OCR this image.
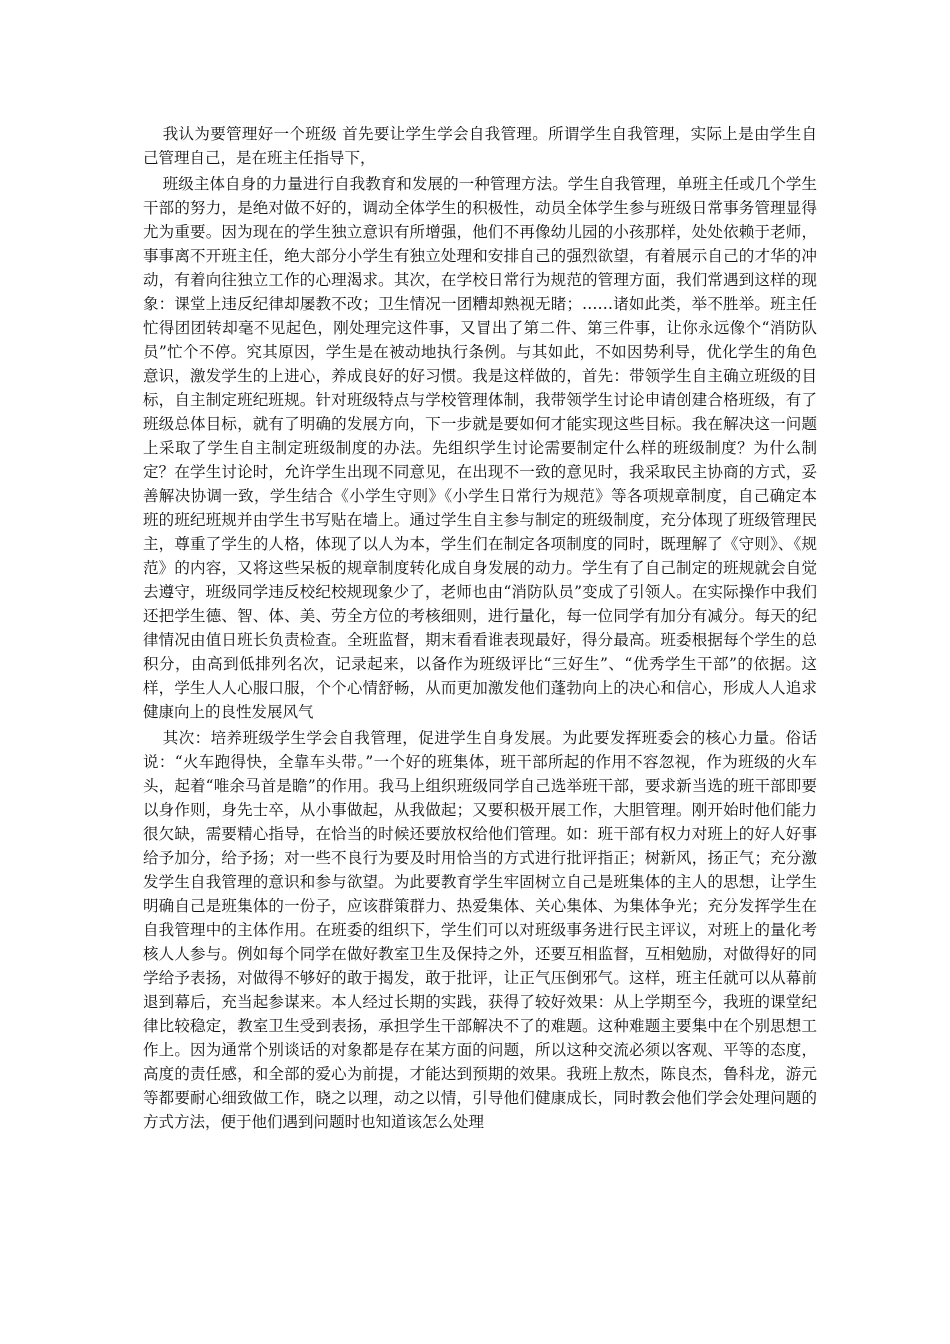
我认为要管理好一个班级 首先要让学生学会自我管理。所谓学生自我管理，实际上是由学生自己管理自己，是在班主任指导下，

班级主体自身的力量进行自我教育和发展的一种管理方法。学生自我管理，单班主任或几个学生干部的努力，是绝对做不好的，调动全体学生的积极性，动员全体学生参与班级日常事务管理显得尤为重要。因为现在的学生独立意识有所增强，他们不再像幼儿园的小孩那样，处处依赖于老师，事事离不开班主任，绝大部分小学生有独立处理和安排自己的强烈欲望，有着展示自己的才华的冲动，有着向往独立工作的心理渴求。其次，在学校日常行为规范的管理方面，我们常遇到这样的现象：课堂上违反纪律却屡教不改；卫生情况一团糟却熟视无睹；……诸如此类，举不胜举。班主任忙得团团转却毫不见起色，刚处理完这件事，又冒出了第二件、第三件事，让你永远像个“消防队员”忙个不停。究其原因，学生是在被动地执行条例。与其如此，不如因势利导，优化学生的角色意识，激发学生的上进心，养成良好的好习惯。我是这样做的，首先：带领学生自主确立班级的目标，自主制定班纪班规。针对班级特点与学校管理体制，我带领学生讨论申请创建合格班级，有了班级总体目标，就有了明确的发展方向，下一步就是要如何才能实现这些目标。我在解决这一问题上采取了学生自主制定班级制度的办法。先组织学生讨论需要制定什么样的班级制度？为什么制定？在学生讨论时，允许学生出现不同意见，在出现不一致的意见时，我采取民主协商的方式，妥善解决协调一致，学生结合《小学生守则》《小学生日常行为规范》等各项规章制度，自己确定本班的班纪班规并由学生书写贴在墙上。通过学生自主参与制定的班级制度，充分体现了班级管理民主，尊重了学生的人格，体现了以人为本，学生们在制定各项制度的同时，既理解了《守则》、《规范》的内容，又将这些呆板的规章制度转化成自身发展的动力。学生有了自己制定的班规就会自觉去遵守，班级同学违反校纪校规现象少了，老师也由“消防队员”变成了引领人。在实际操作中我们还把学生德、智、体、美、劳全方位的考核细则，进行量化，每一位同学有加分有减分。每天的纪律情况由值日班长负责检查。全班监督，期末看看谁表现最好，得分最高。班委根据每个学生的总积分，由高到低排列名次，记录起来，以备作为班级评比“三好生”、“优秀学生干部”的依据。这样，学生人人心服口服，个个心情舒畅，从而更加激发他们蓬勃向上的决心和信心，形成人人追求健康向上的良性发展风气

其次：培养班级学生学会自我管理，促进学生自身发展。为此要发挥班委会的核心力量。俗话说：“火车跑得快，全靠车头带。”一个好的班集体，班干部所起的作用不容忽视，作为班级的火车头，起着“唯余马首是瞻”的作用。我马上组织班级同学自己选举班干部，要求新当选的班干部即要以身作则，身先士卒，从小事做起，从我做起；又要积极开展工作，大胆管理。刚开始时他们能力很欠缺，需要精心指导，在恰当的时候还要放权给他们管理。如：班干部有权力对班上的好人好事给予加分，给予扬；对一些不良行为要及时用恰当的方式进行批评指正；树新风，扬正气；充分激发学生自我管理的意识和参与欲望。为此要教育学生牢固树立自己是班集体的主人的思想，让学生明确自己是班集体的一份子，应该群策群力、热爱集体、关心集体、为集体争光；充分发挥学生在自我管理中的主体作用。在班委的组织下，学生们可以对班级事务进行民主评议，对班上的量化考核人人参与。例如每个同学在做好教室卫生及保持之外，还要互相监督，互相勉励，对做得好的同学给予表扬，对做得不够好的敢于揭发，敢于批评，让正气压倒邪气。这样，班主任就可以从幕前退到幕后，充当起参谋来。本人经过长期的实践，获得了较好效果：从上学期至今，我班的课堂纪律比较稳定，教室卫生受到表扬，承担学生干部解决不了的难题。这种难题主要集中在个别思想工作上。因为通常个别谈话的对象都是存在某方面的问题，所以这种交流必须以客观、平等的态度，高度的责任感，和全部的爱心为前提，才能达到预期的效果。我班上敖杰，陈良杰，鲁科龙，游元等都要耐心细致做工作，晓之以理，动之以情，引导他们健康成长，同时教会他们学会处理问题的方式方法，便于他们遇到问题时也知道该怎么处理
